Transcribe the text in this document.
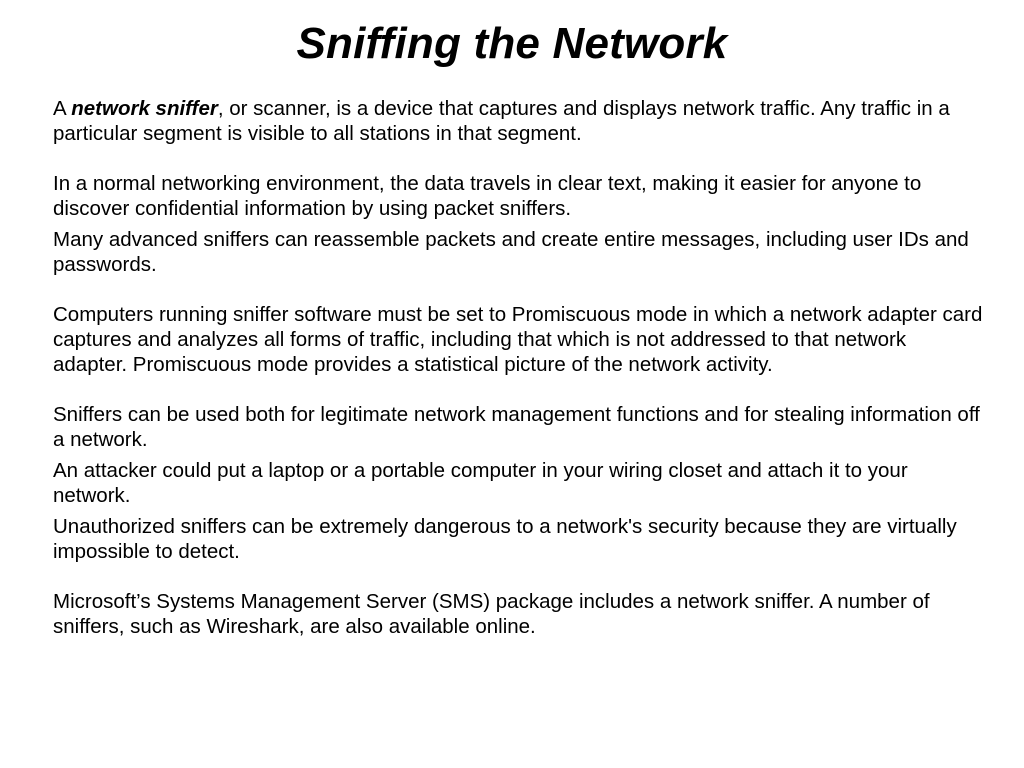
Sniffing the Network

A network sniffer, or scanner, is a device that captures and displays network traffic. Any traffic in a particular segment is visible to all stations in that segment.

In a normal networking environment, the data travels in clear text, making it easier for anyone to discover confidential information by using packet sniffers.

Many advanced sniffers can reassemble packets and create entire messages, including user IDs and passwords.

Computers running sniffer software must be set to Promiscuous mode in which a network adapter card captures and analyzes all forms of traffic, including that which is not addressed to that network adapter. Promiscuous mode provides a statistical picture of the network activity.

Sniffers can be used both for legitimate network management functions and for stealing information off a network.

An attacker could put a laptop or a portable computer in your wiring closet and attach it to your network.

Unauthorized sniffers can be extremely dangerous to a network's security because they are virtually impossible to detect.

Microsoft’s Systems Management Server (SMS) package includes a network sniffer. A number of sniffers, such as Wireshark, are also available online.
